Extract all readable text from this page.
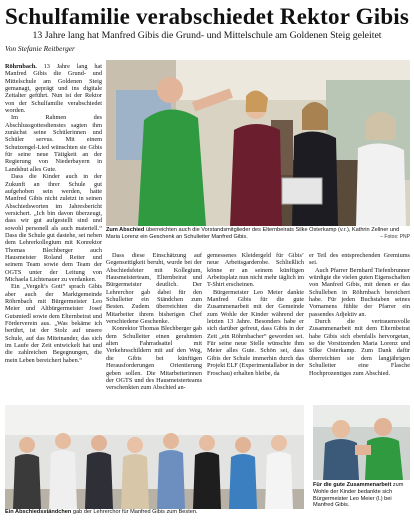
Schulfamilie verabschiedet Rektor Gibis
13 Jahre lang hat Manfred Gibis die Grund- und Mittelschule am Goldenen Steig geleitet
Von Stefanie Reitberger

Röhrnbach. 13 Jahre lang hat Manfred Gibis die Grund- und Mittelschule am Goldenen Steig gemanagt, geprägt und ins digitale Zeitalter geführt. Nun ist der Rektor von der Schulfamilie verabschiedet worden.

Im Rahmen des Abschlussgottesdienstes sagten ihm zunächst seine Schülerinnen und Schüler servus. Mit einem Schutzengel-Lied wünschten sie Gibis für seine neue Tätigkeit an der Regierung von Niederbayern in Landshut alles Gute.

Dass die Kinder auch in der Zukunft an ihrer Schule gut aufgehoben sein werden, hatte Manfred Gibis nicht zuletzt in seinen Abschiedsworten im Jahresbericht versichert. „Ich bin davon überzeugt, dass wir gut aufgestellt sind und sowohl personell als auch materiell.“ Dass die Schule gut dastehe, sei neben dem Lehrerkollegium mit Konrektor Thomas Blechberger auch Hausmeister Roland Reiter und seinem Team sowie dem Team der OGTS unter der Leitung von Michaela Lichtenauer zu verdanken.

Ein „Vergelt’s Gott“ sprach Gibis aber auch der Marktgemeinde Röhrnbach mit Bürgermeister Leo Meier und Altbürgermeister Josef Gutsmiedl sowie dem Elternbeirat und Förderverein aus. „Was bekäme ich berührt, ist der Stolz auf unsere Schule, auf das Miteinander, das sich im Laufe der Zeit entwickelt hat und die zahlreichen Begegnungen, die mein Leben bereichert haben.“

Zum Abschied überreichten auch die Vorstandsmitglieder des Elternbeirats Silke Osterkamp (v.r.), Kathrin Zellner und Maria Lorenz ein Geschenk an Schulleiter Manfred Gibis.	– Fotos: PNP

Dass diese Einschätzung auf Gegenseitigkeit beruht, wurde bei der Abschiedsfeier mit Kollegium, Hausmeisterteam, Elternbeirat und Bürgermeister deutlich. Der Lehrerchor gab dabei für den Schulleiter ein Ständchen zum Besten. Zudem überreichten die Mitarbeiter ihrem bisherigen Chef verschiedene Geschenke.

Konrektor Thomas Blechberger gab dem Schulleiter einen gerahmten alten Fahrradsattel mit Verkehrsschildern mit auf den Weg, die Gibis bei künftigen Herausforderungen Orientierung geben sollen. Die Mitarbeiterinnen der OGTS und des Hausmeisterteams verschenkten zum Abschied an-

gemessenes Kleidergeld für Gibis’ neue Arbeitsgarderobe. Schließlich könne er an seinem künftigen Arbeitsplatz nun nicht mehr täglich im T-Shirt erscheinen.

Bürgermeister Leo Meier dankte Manfred Gibis für die gute Zusammenarbeit mit der Gemeinde zum Wohle der Kinder während der letzten 13 Jahre. Besonders habe er sich darüber gefreut, dass Gibis in der Zeit „ein Röhrnbacher“ geworden sei. Für seine neue Stelle wünschte ihm Meier alles Gute. Schön sei, dass Gibis der Schule immerhin durch das Projekt ELF (Experimentallabor in der Froschau) erhalten bleibe, da

er Teil des entsprechenden Gremiums sei.

Auch Pfarrer Bernhard Tiefenbrunner würdigte die vielen guten Eigenschaften von Manfred Gibis, mit denen er das Schulleben in Röhrnbach bereichert habe. Für jeden Buchstaben seines Vornamens fühlte der Pfarrer ein passendes Adjektiv an.

Durch die vertrauensvolle Zusammenarbeit mit dem Elternbeirat habe Gibis sich ebenfalls hervorgetan, so die Vorsitzenden Maria Lorenz und Silke Osterkamp. Zum Dank dafür überreichten sie dem langjährigen Schulleiter eine Flasche Hochprozentiges zum Abschied.

Ein Abschiedsständchen gab der Lehrerchor für Manfred Gibis zum Besten.
Für die gute Zusammenarbeit zum Wohle der Kinder bedankte sich Bürgermeister Leo Meier (l.) bei Manfred Gibis.
